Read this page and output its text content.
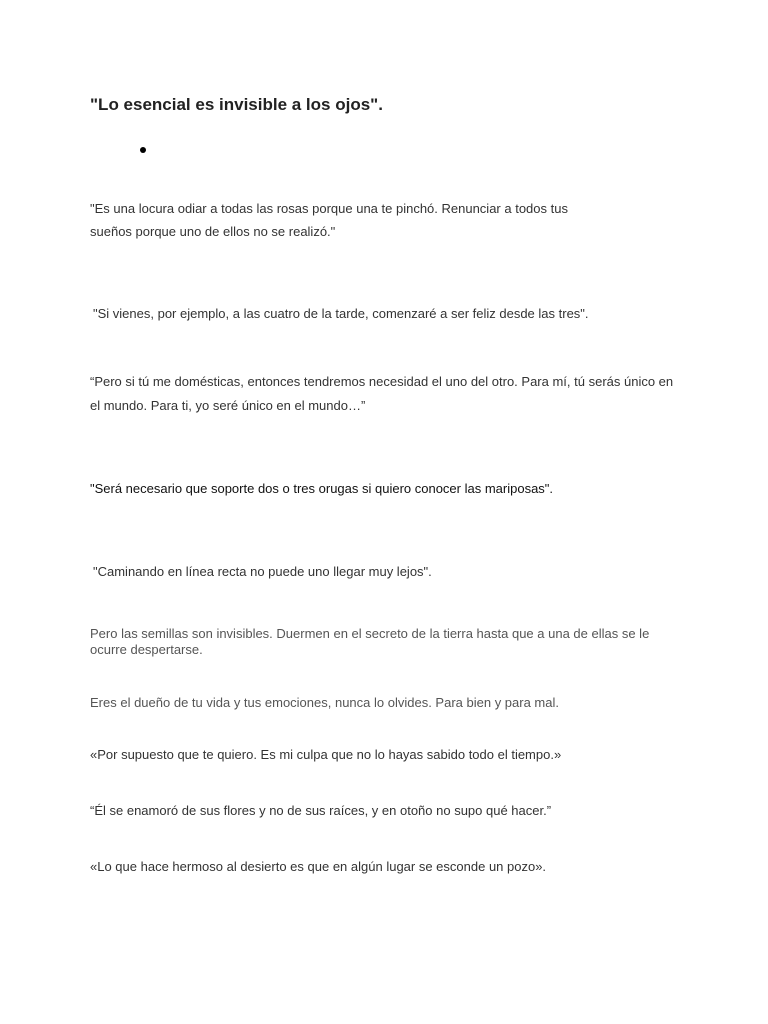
"Lo esencial es invisible a los ojos".

"Es una locura odiar a todas las rosas porque una te pinchó. Renunciar a todos tus sueños porque uno de ellos no se realizó."

"Si vienes, por ejemplo, a las cuatro de la tarde, comenzaré a ser feliz desde las tres".

“Pero si tú me domésticas, entonces tendremos necesidad el uno del otro. Para mí, tú serás único en el mundo. Para ti, yo seré único en el mundo…”

"Será necesario que soporte dos o tres orugas si quiero conocer las mariposas".

"Caminando en línea recta no puede uno llegar muy lejos".

Pero las semillas son invisibles. Duermen en el secreto de la tierra hasta que a una de ellas se le ocurre despertarse.

Eres el dueño de tu vida y tus emociones, nunca lo olvides. Para bien y para mal.

«Por supuesto que te quiero. Es mi culpa que no lo hayas sabido todo el tiempo.»

“Él se enamoró de sus flores y no de sus raíces, y en otoño no supo qué hacer.”

«Lo que hace hermoso al desierto es que en algún lugar se esconde un pozo».
